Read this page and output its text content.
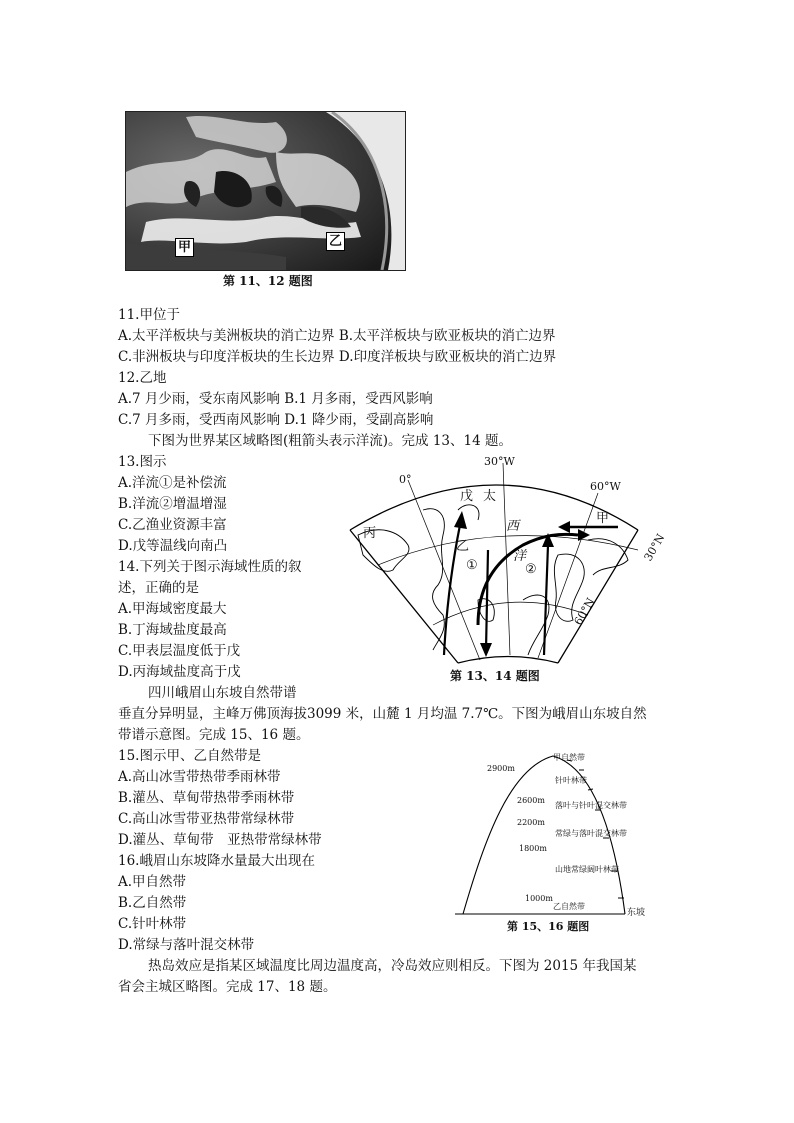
甲	乙
第 11、12 题图
11.甲位于
A.太平洋板块与美洲板块的消亡边界 B.太平洋板块与欧亚板块的消亡边界
C.非洲板块与印度洋板块的生长边界 D.印度洋板块与欧亚板块的消亡边界
12.乙地
A.7 月少雨，受东南风影响 B.1 月多雨，受西风影响
C.7 月多雨，受西南风影响 D.1 降少雨，受副高影响
下图为世界某区域略图(粗箭头表示洋流)。完成 13、14 题。
13.图示
A.洋流①是补偿流
B.洋流②增温增湿
C.乙渔业资源丰富
D.戊等温线向南凸
14.下列关于图示海域性质的叙
述，正确的是
A.甲海域密度最大
B.丁海域盐度最高
C.甲表层温度低于戊
D.丙海域盐度高于戊
0°
30°W
60°W
30°N
60°N
戊 太
西
洋
甲
丙
乙
①	②
第 13、14 题图
四川峨眉山东坡自然带谱
垂直分异明显，主峰万佛顶海拔3099 米，山麓 1 月均温 7.7℃。下图为峨眉山东坡自然
带谱示意图。完成 15、16 题。
15.图示甲、乙自然带是
A.高山冰雪带热带季雨林带
B.灌丛、草甸带热带季雨林带
C.高山冰雪带亚热带常绿林带
D.灌丛、草甸带　亚热带常绿林带
16.峨眉山东坡降水量最大出现在
A.甲自然带
B.乙自然带
C.针叶林带
D.常绿与落叶混交林带
2900m
2600m
2200m
1800m
1000m
甲自然带
针叶林带
落叶与针叶混交林带
常绿与落叶混交林带
山地常绿阔叶林带
乙自然带
东坡
第 15、16 题图
热岛效应是指某区域温度比周边温度高，冷岛效应则相反。下图为 2015 年我国某
省会主城区略图。完成 17、18 题。
